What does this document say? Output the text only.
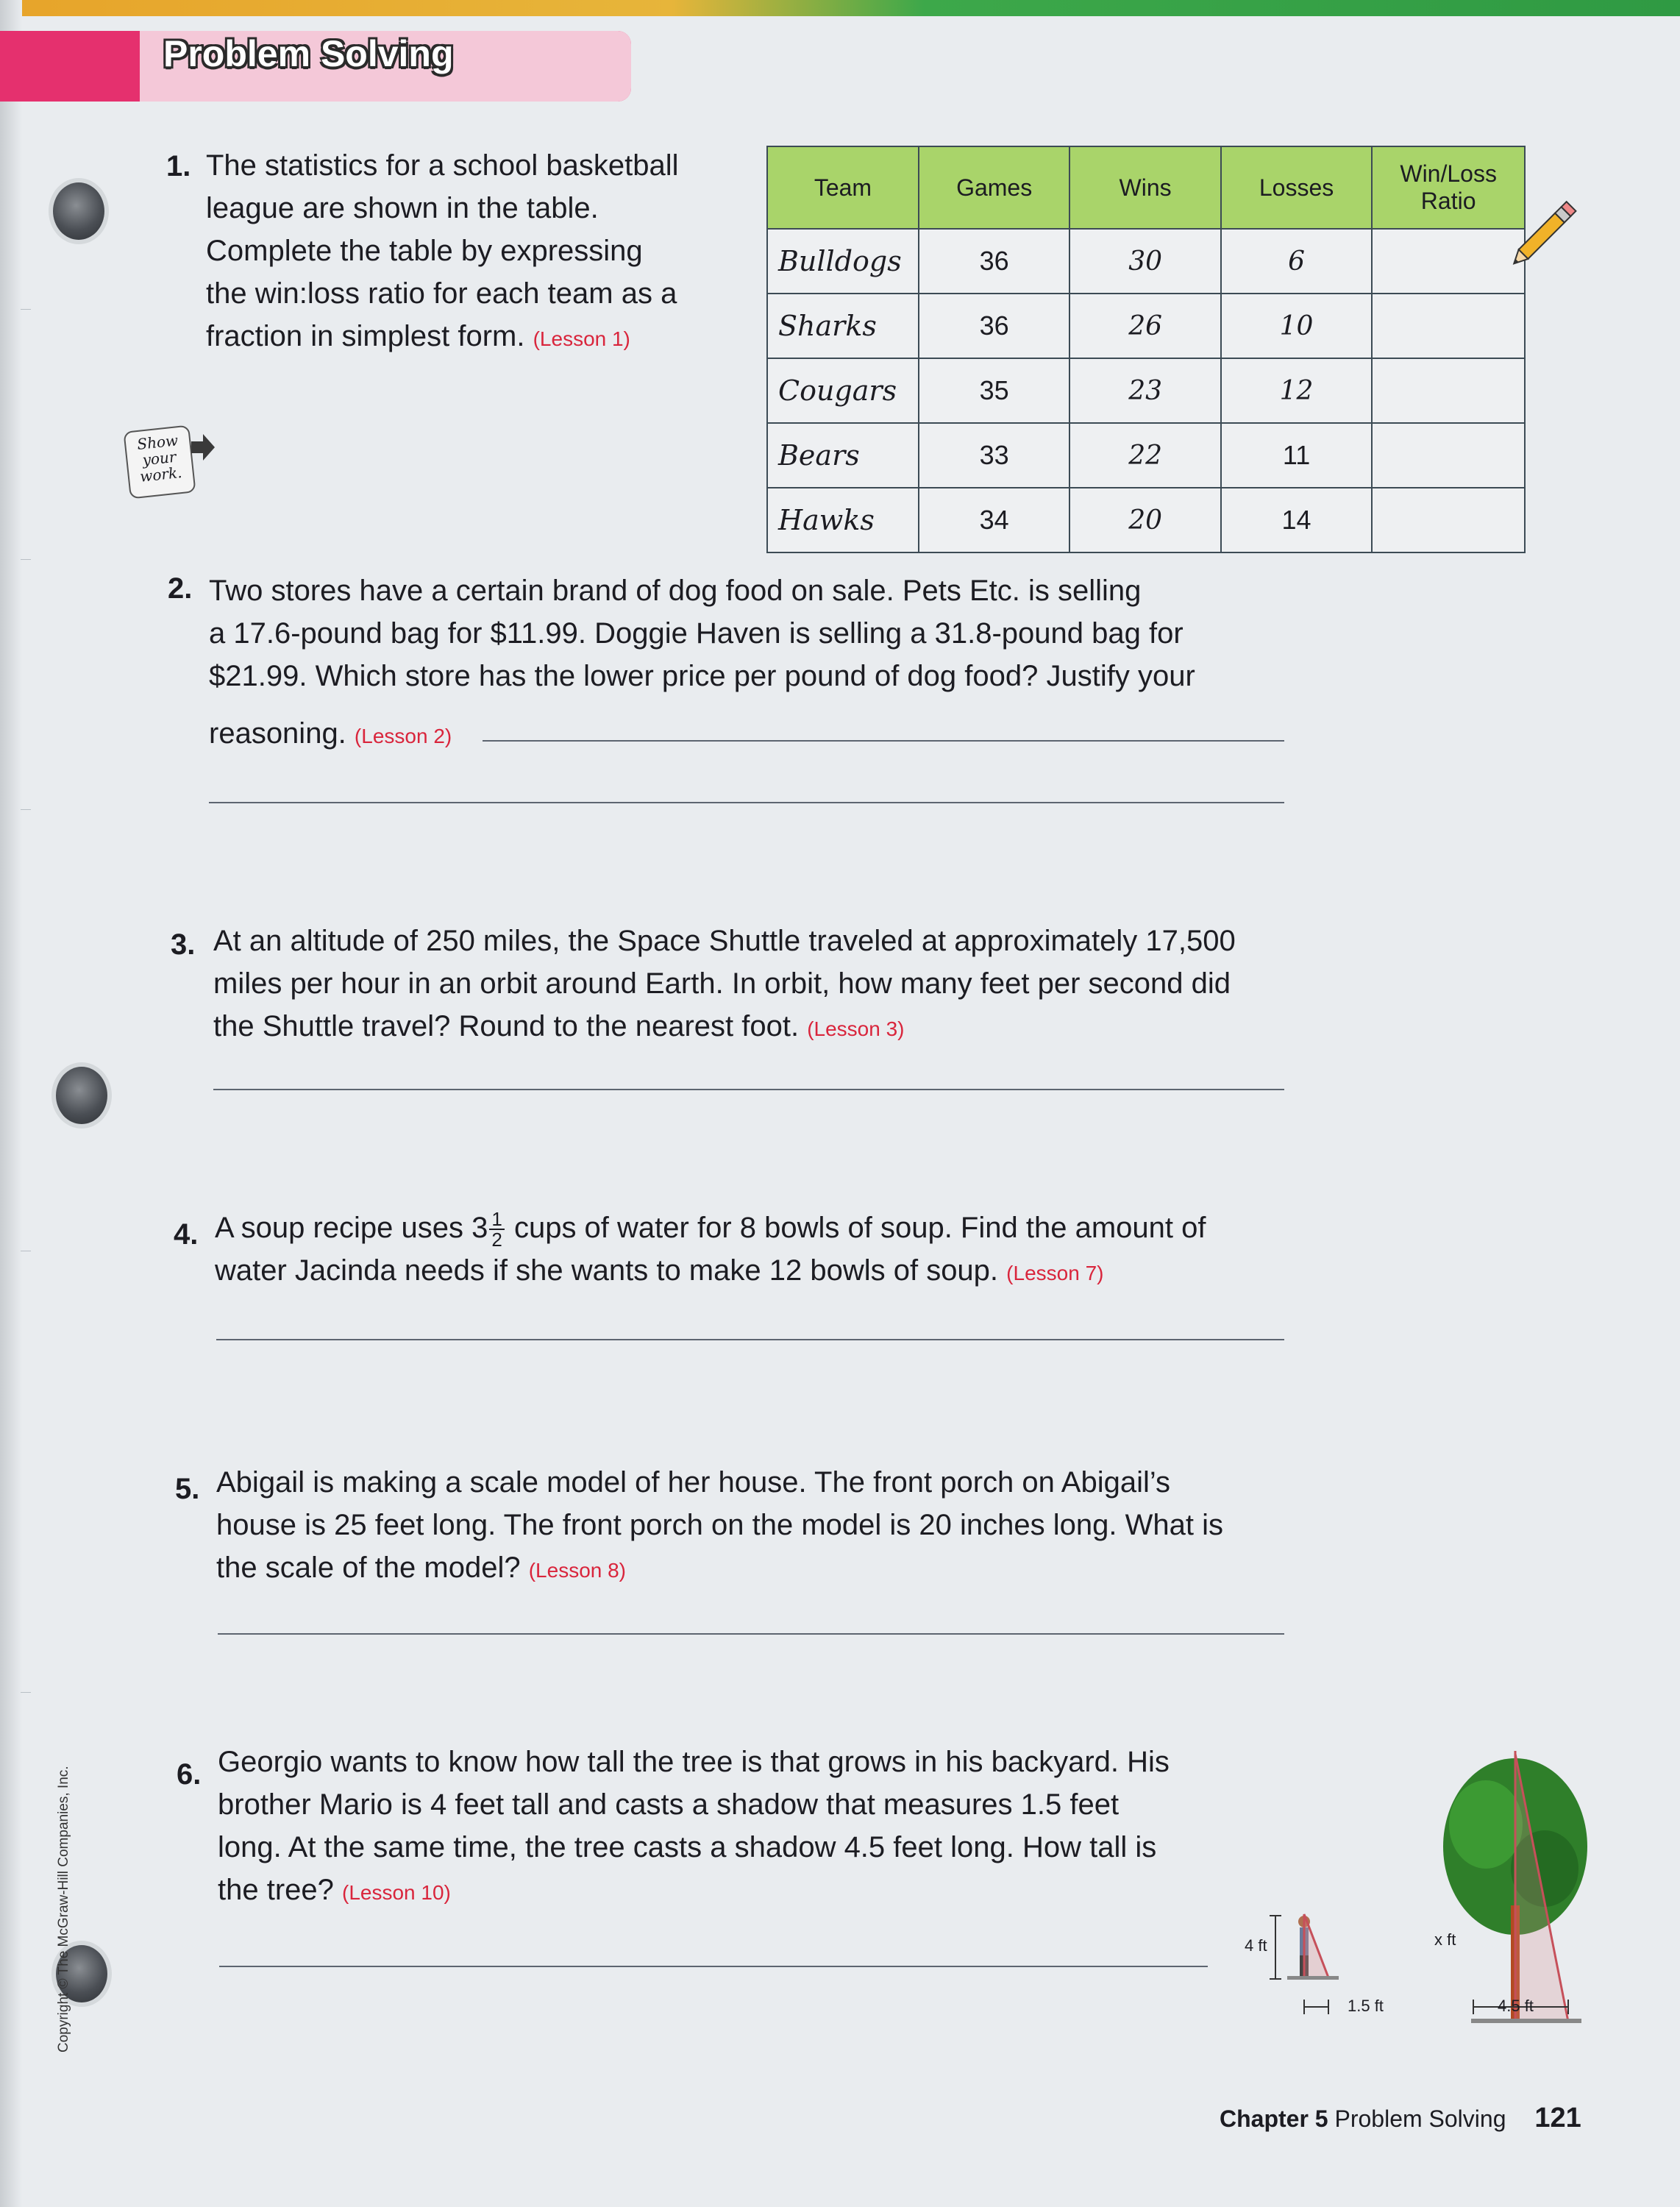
Problem Solving
1. The statistics for a school basketball
league are shown in the table.
Complete the table by expressing
the win:loss ratio for each team as a
fraction in simplest form. (Lesson 1)
Show
your
work.
Team	Games	Wins	Losses	Win/Loss Ratio
Bulldogs	36	30	6	
Sharks	36	26	10	
Cougars	35	23	12	
Bears	33	22	11	
Hawks	34	20	14	
2. Two stores have a certain brand of dog food on sale. Pets Etc. is selling
a 17.6-pound bag for $11.99. Doggie Haven is selling a 31.8-pound bag for
$21.99. Which store has the lower price per pound of dog food? Justify your
reasoning. (Lesson 2)
3. At an altitude of 250 miles, the Space Shuttle traveled at approximately 17,500
miles per hour in an orbit around Earth. In orbit, how many feet per second did
the Shuttle travel? Round to the nearest foot. (Lesson 3)
4. A soup recipe uses $3 \frac{1}{2}$ cups of water for 8 bowls of soup. Find the amount of
water Jacinda needs if she wants to make 12 bowls of soup. (Lesson 7)
5. Abigail is making a scale model of her house. The front porch on Abigail’s
house is 25 feet long. The front porch on the model is 20 inches long. What is
the scale of the model? (Lesson 8)
6. Georgio wants to know how tall the tree is that grows in his backyard. His
brother Mario is 4 feet tall and casts a shadow that measures 1.5 feet
long. At the same time, the tree casts a shadow 4.5 feet long. How tall is
the tree? (Lesson 10)
4 ft
1.5 ft
x ft
4.5 ft
Chapter 5 Problem Solving 121
Copyright © The McGraw-Hill Companies, Inc.
